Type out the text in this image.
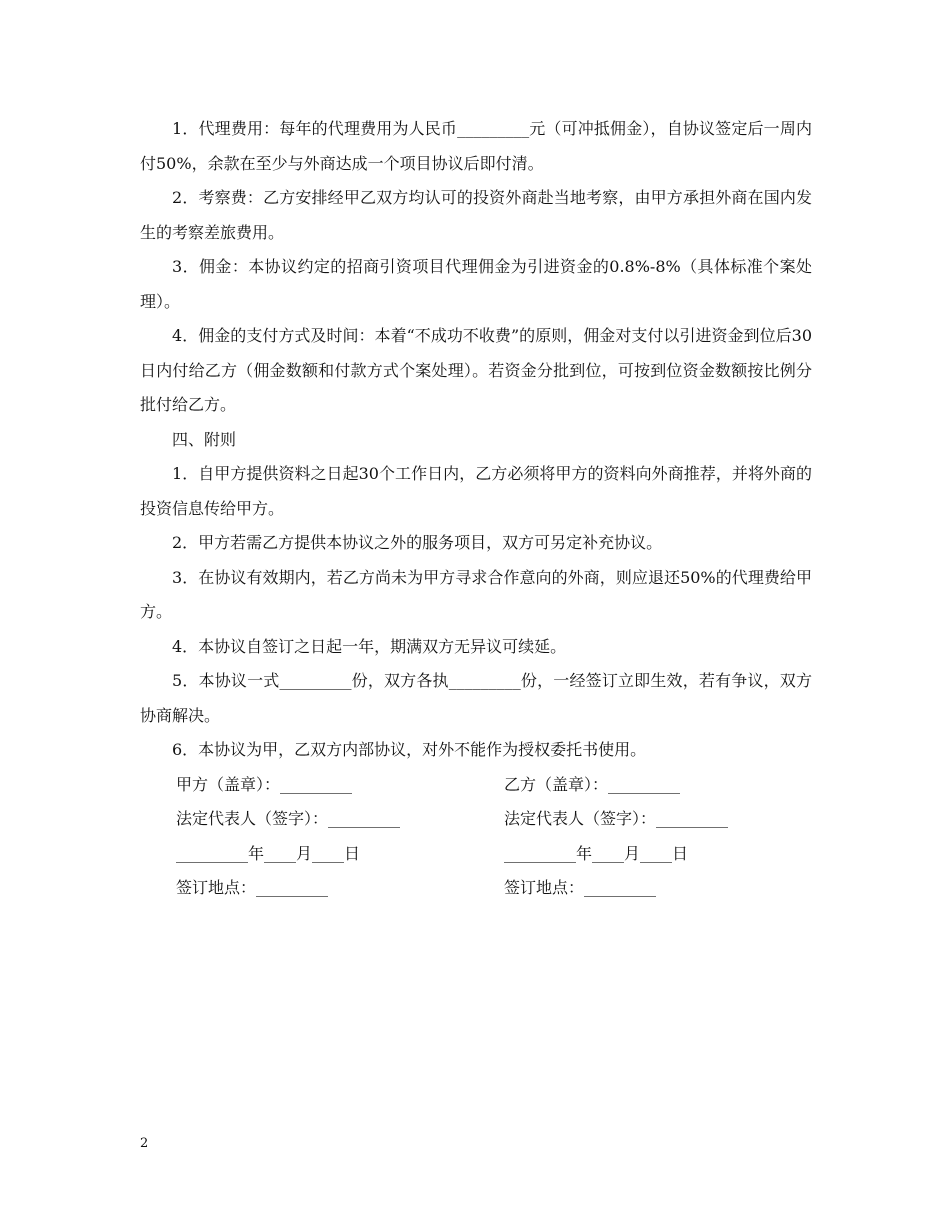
1．代理费用：每年的代理费用为人民币_________元（可冲抵佣金），自协议签定后一周内付50%，余款在至少与外商达成一个项目协议后即付清。

2．考察费：乙方安排经甲乙双方均认可的投资外商赴当地考察，由甲方承担外商在国内发生的考察差旅费用。

3．佣金：本协议约定的招商引资项目代理佣金为引进资金的0.8%-8%（具体标准个案处理）。

4．佣金的支付方式及时间：本着“不成功不收费”的原则，佣金对支付以引进资金到位后30日内付给乙方（佣金数额和付款方式个案处理）。若资金分批到位，可按到位资金数额按比例分批付给乙方。

四、附则

1．自甲方提供资料之日起30个工作日内，乙方必须将甲方的资料向外商推荐，并将外商的投资信息传给甲方。

2．甲方若需乙方提供本协议之外的服务项目，双方可另定补充协议。

3．在协议有效期内，若乙方尚未为甲方寻求合作意向的外商，则应退还50%的代理费给甲方。

4．本协议自签订之日起一年，期满双方无异议可续延。

5．本协议一式_________份，双方各执_________份，一经签订立即生效，若有争议，双方协商解决。

6．本协议为甲，乙双方内部协议，对外不能作为授权委托书使用。

甲方（盖章）：_________	乙方（盖章）：_________
法定代表人（签字）：_________	法定代表人（签字）：_________
_________年____月____日	_________年____月____日
签订地点：_________	签订地点：_________
2
